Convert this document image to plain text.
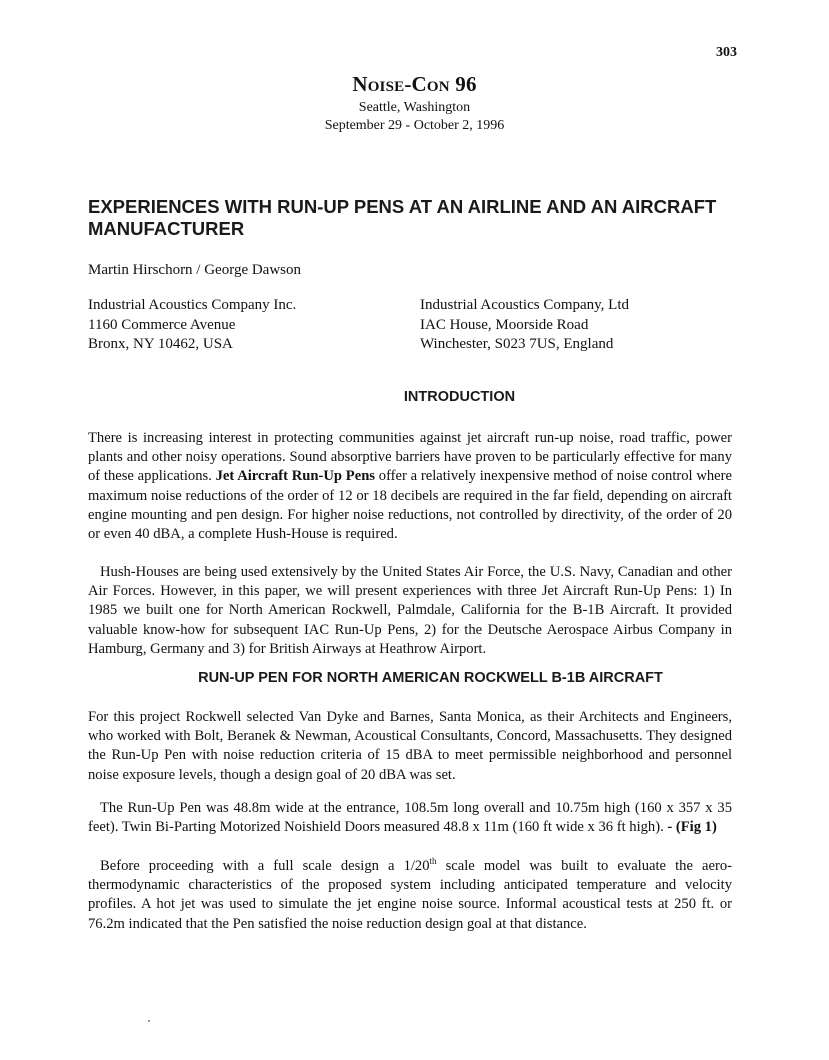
303
Noise-Con 96
Seattle, Washington
September 29 - October 2, 1996
EXPERIENCES WITH RUN-UP PENS AT AN AIRLINE AND AN AIRCRAFT MANUFACTURER
Martin Hirschorn / George Dawson
Industrial Acoustics Company Inc.
1160 Commerce Avenue
Bronx, NY 10462, USA
Industrial Acoustics Company, Ltd
IAC House, Moorside Road
Winchester, S023 7US, England
INTRODUCTION

There is increasing interest in protecting communities against jet aircraft run-up noise, road traffic, power plants and other noisy operations. Sound absorptive barriers have proven to be particularly effective for many of these applications. Jet Aircraft Run-Up Pens offer a relatively inexpensive method of noise control where maximum noise reductions of the order of 12 or 18 decibels are required in the far field, depending on aircraft engine mounting and pen design. For higher noise reductions, not controlled by directivity, of the order of 20 or even 40 dBA, a complete Hush-House is required.

Hush-Houses are being used extensively by the United States Air Force, the U.S. Navy, Canadian and other Air Forces. However, in this paper, we will present experiences with three Jet Aircraft Run-Up Pens: 1) In 1985 we built one for North American Rockwell, Palmdale, California for the B-1B Aircraft. It provided valuable know-how for subsequent IAC Run-Up Pens, 2) for the Deutsche Aerospace Airbus Company in Hamburg, Germany and 3) for British Airways at Heathrow Airport.

RUN-UP PEN FOR NORTH AMERICAN ROCKWELL B-1B AIRCRAFT

For this project Rockwell selected Van Dyke and Barnes, Santa Monica, as their Architects and Engineers, who worked with Bolt, Beranek & Newman, Acoustical Consultants, Concord, Massachusetts. They designed the Run-Up Pen with noise reduction criteria of 15 dBA to meet permissible neighborhood and personnel noise exposure levels, though a design goal of 20 dBA was set.

The Run-Up Pen was 48.8m wide at the entrance, 108.5m long overall and 10.75m high (160 x 357 x 35 feet). Twin Bi-Parting Motorized Noishield Doors measured 48.8 x 11m (160 ft wide x 36 ft high). - (Fig 1)

Before proceeding with a full scale design a 1/20th scale model was built to evaluate the aero-thermodynamic characteristics of the proposed system including anticipated temperature and velocity profiles. A hot jet was used to simulate the jet engine noise source. Informal acoustical tests at 250 ft. or 76.2m indicated that the Pen satisfied the noise reduction design goal at that distance.
